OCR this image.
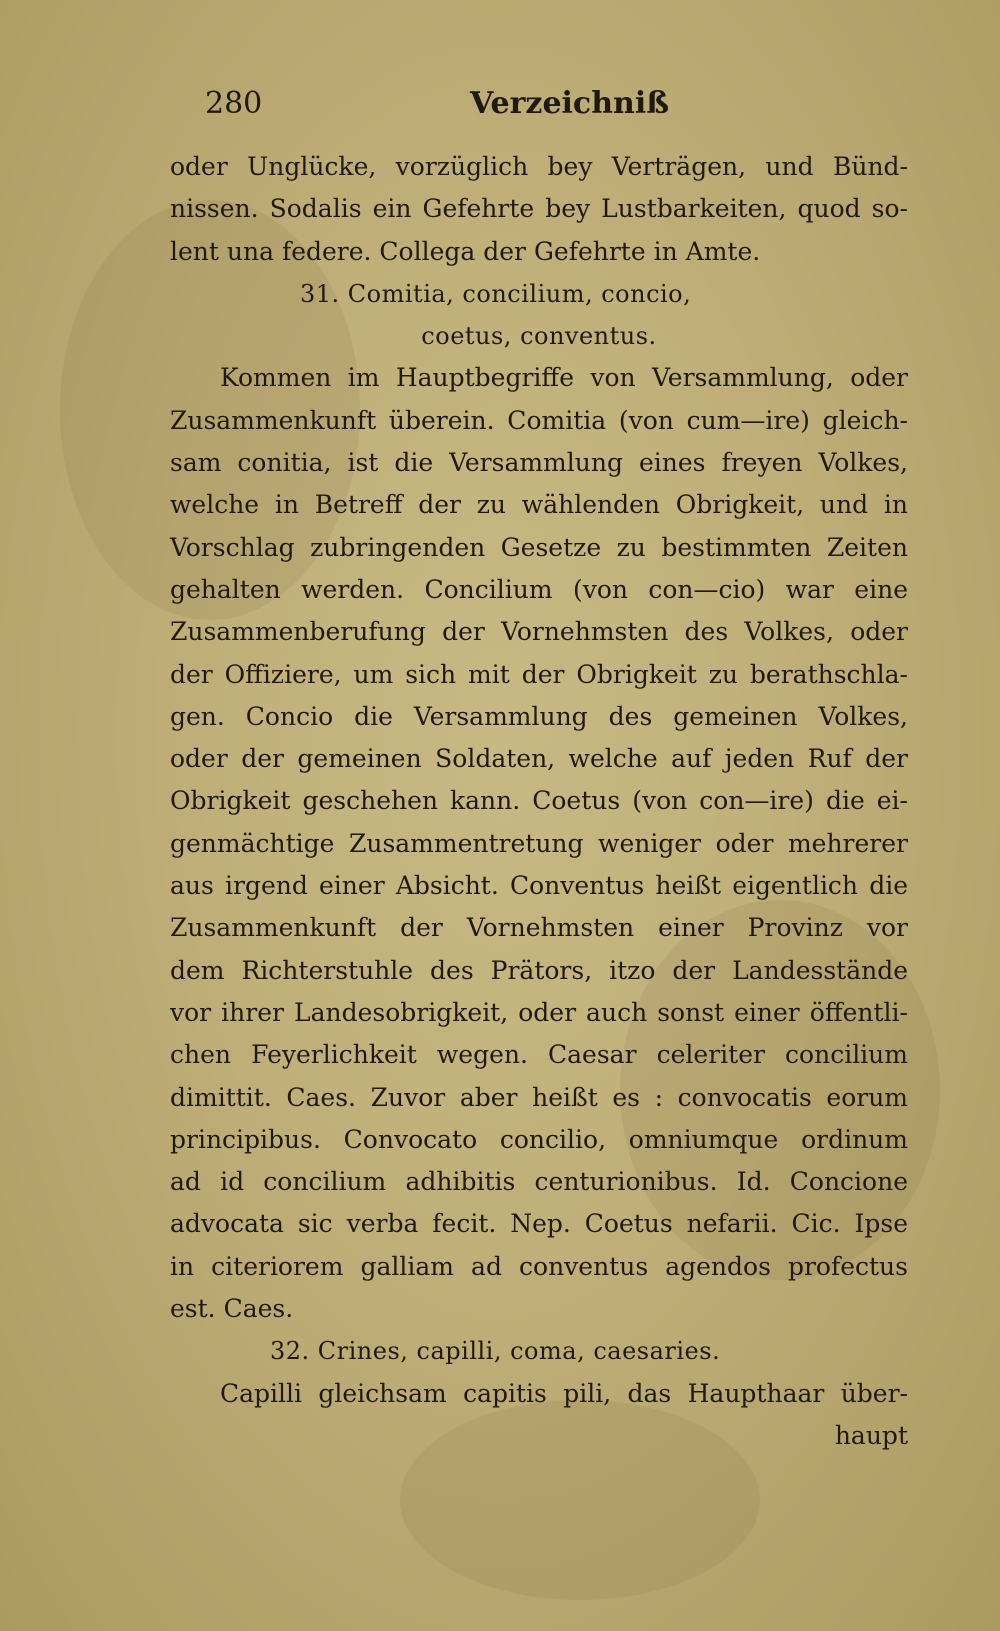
280	Verzeichniß
oder Unglücke, vorzüglich bey Verträgen, und Bünd-
nissen. Sodalis ein Gefehrte bey Lustbarkeiten, quod so-
lent una federe. Collega der Gefehrte in Amte.
31. Comitia, concilium, concio,
coetus, conventus.
Kommen im Hauptbegriffe von Versammlung, oder
Zusammenkunft überein. Comitia (von cum—ire) gleich-
sam conitia, ist die Versammlung eines freyen Volkes,
welche in Betreff der zu wählenden Obrigkeit, und in
Vorschlag zubringenden Gesetze zu bestimmten Zeiten
gehalten werden. Concilium (von con—cio) war eine
Zusammenberufung der Vornehmsten des Volkes, oder
der Offiziere, um sich mit der Obrigkeit zu berathschla-
gen. Concio die Versammlung des gemeinen Volkes,
oder der gemeinen Soldaten, welche auf jeden Ruf der
Obrigkeit geschehen kann. Coetus (von con—ire) die ei-
genmächtige Zusammentretung weniger oder mehrerer
aus irgend einer Absicht. Conventus heißt eigentlich die
Zusammenkunft der Vornehmsten einer Provinz vor
dem Richterstuhle des Prätors, itzo der Landesstände
vor ihrer Landesobrigkeit, oder auch sonst einer öffentli-
chen Feyerlichkeit wegen. Caesar celeriter concilium
dimittit. Caes. Zuvor aber heißt es : convocatis eorum
principibus. Convocato concilio, omniumque ordinum
ad id concilium adhibitis centurionibus. Id. Concione
advocata sic verba fecit. Nep. Coetus nefarii. Cic. Ipse
in citeriorem galliam ad conventus agendos profectus
est. Caes.
32. Crines, capilli, coma, caesaries.
Capilli gleichsam capitis pili, das Haupthaar über-
haupt
